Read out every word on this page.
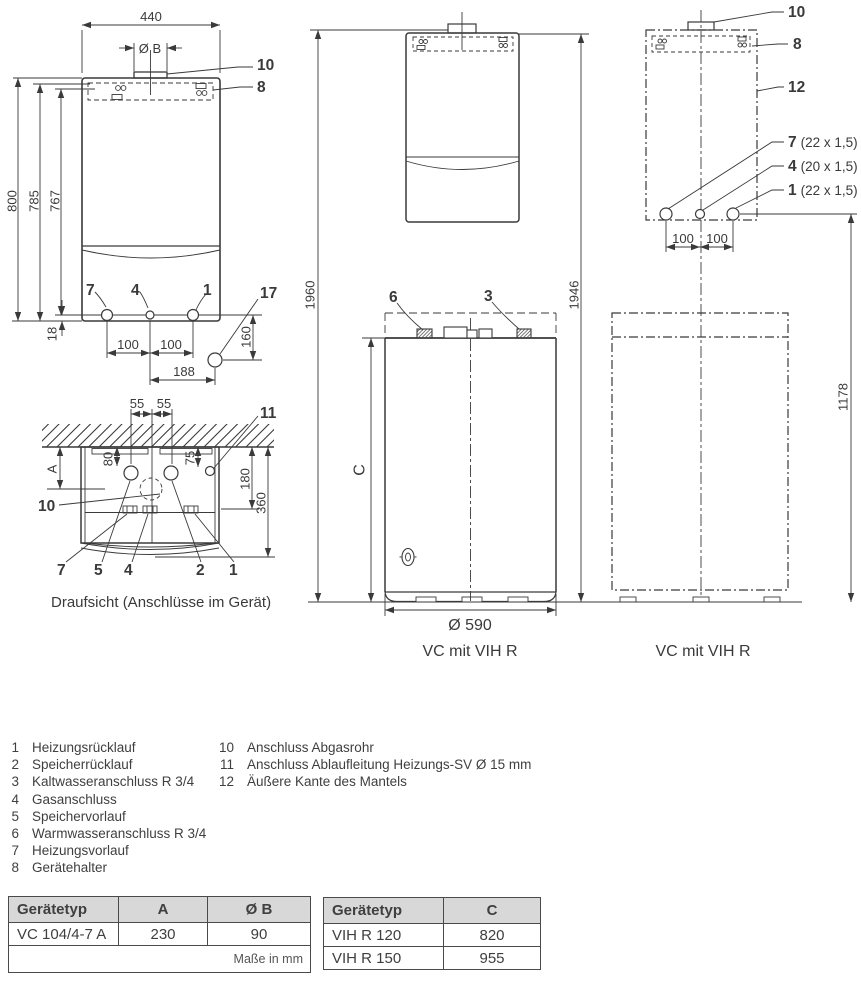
440
Ø B
10
8
800 785 767
7 4	1	17
18
100 100
188
160
55 55
A
80	75
180
360
11
10
7 5 4	2 1
Draufsicht (Anschlüsse im Gerät)
1960	1946
6	3
C
Ø 590
VC mit VIH R
10
8
12
7 (22 x 1,5)
4 (20 x 1,5)
1 (22 x 1,5)
100 100
1178
VC mit VIH R
1 Heizungsrücklauf
2 Speicherrücklauf
3 Kaltwasseranschluss R 3/4
4 Gasanschluss
5 Speichervorlauf
6 Warmwasseranschluss R 3/4
7 Heizungsvorlauf
8 Gerätehalter
10 Anschluss Abgasrohr
11 Anschluss Ablaufleitung Heizungs-SV Ø 15 mm
12 Äußere Kante des Mantels
Gerätetyp	A	Ø B
VC 104/4-7 A	230	90
Maße in mm		
Gerätetyp	C
VIH R 120	820
VIH R 150	955
